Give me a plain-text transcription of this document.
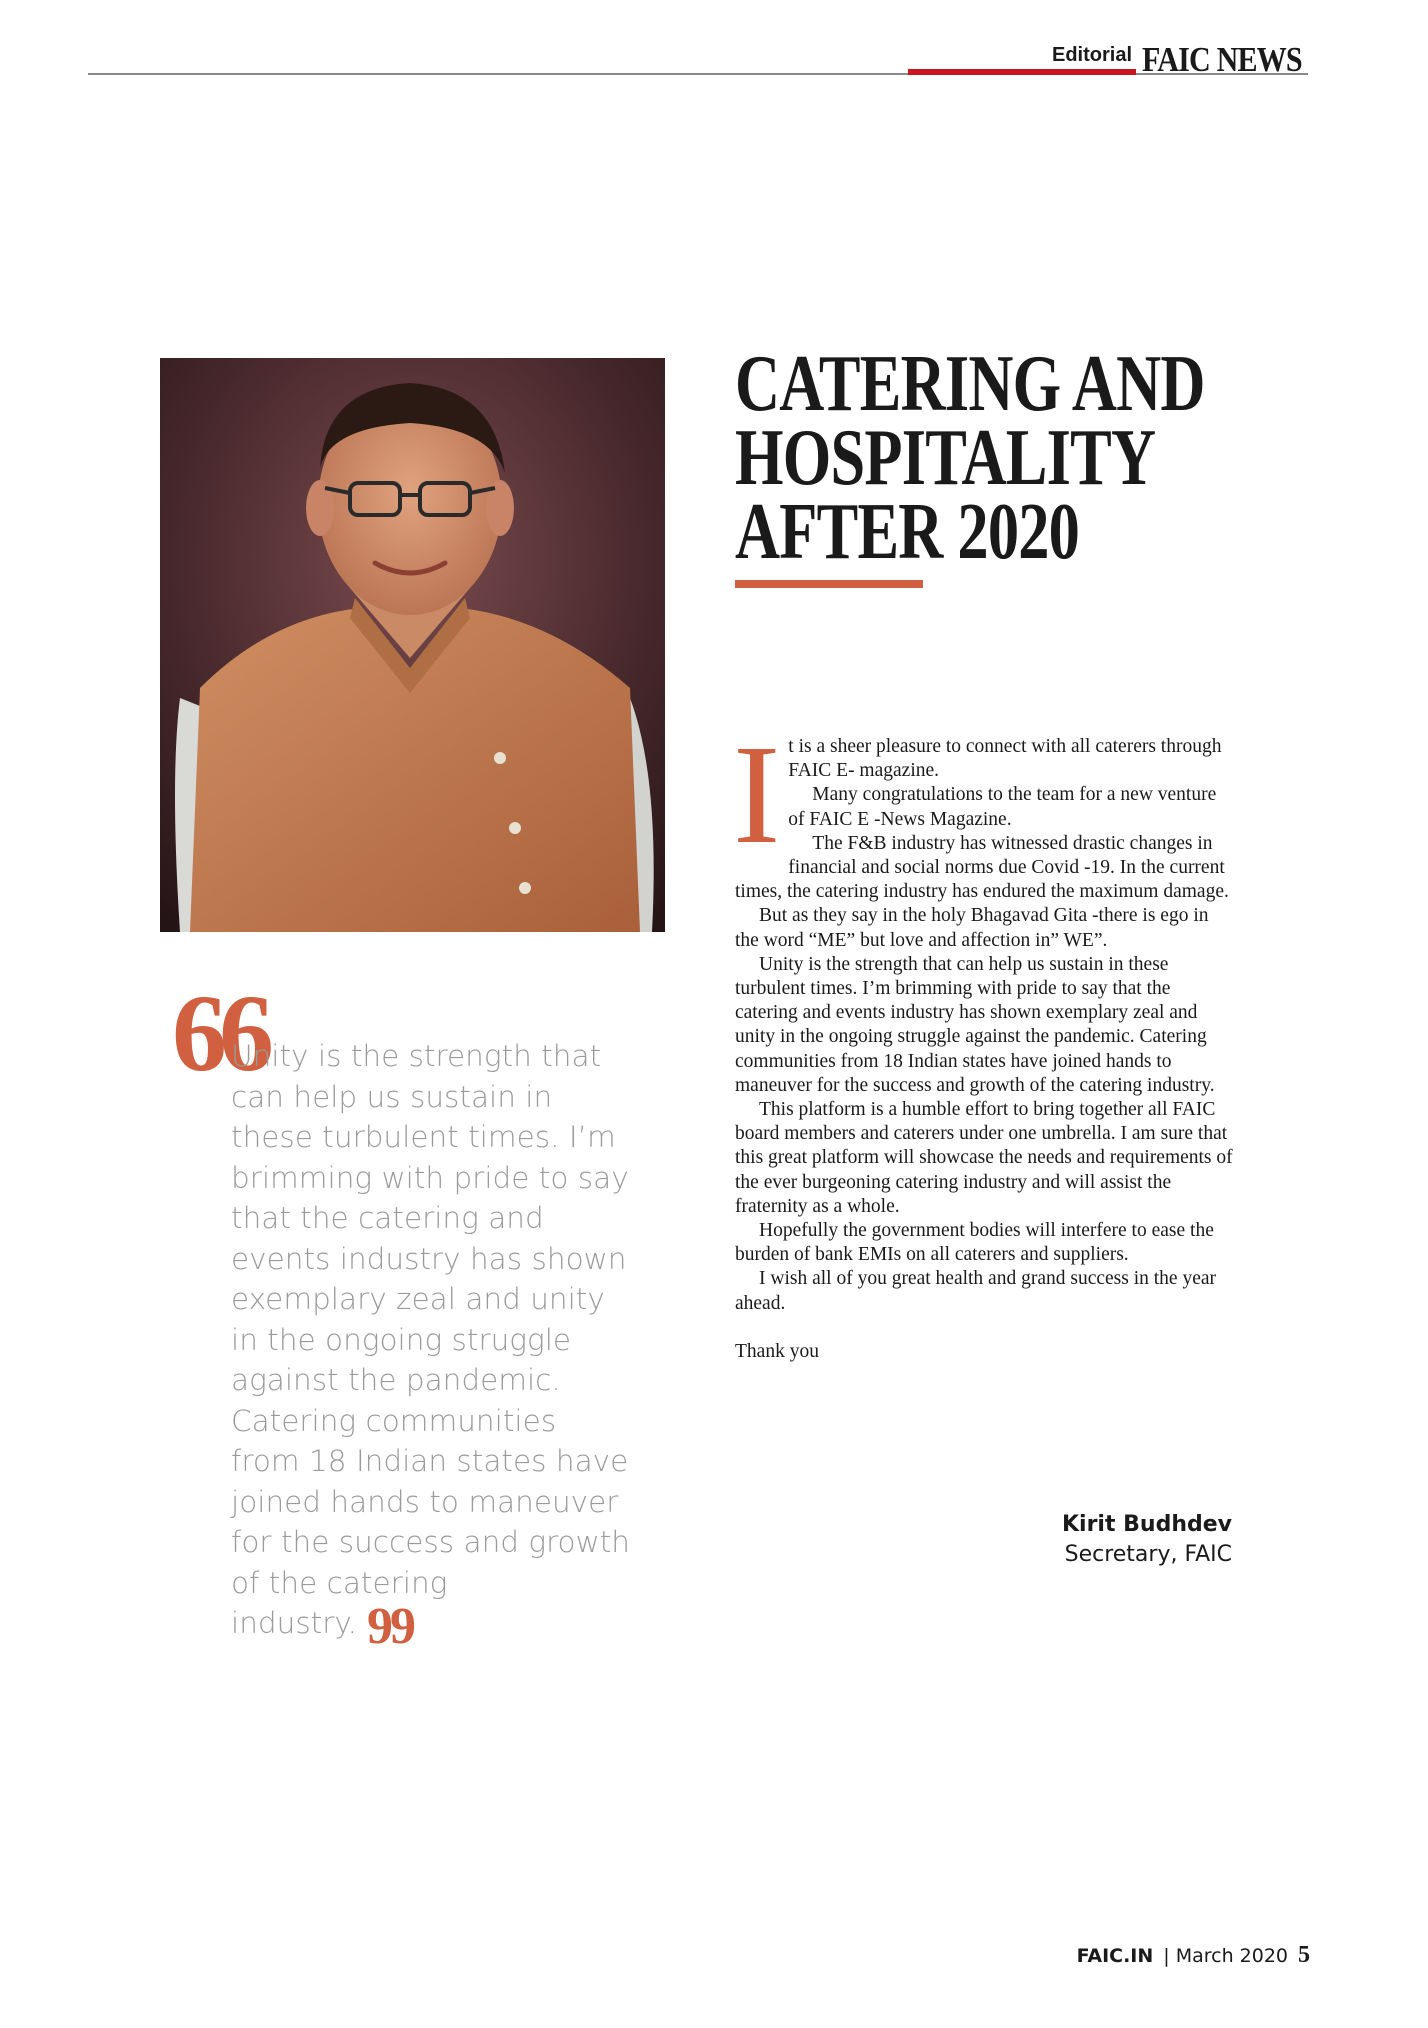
Editorial FAIC NEWS
66
Unity is the strength that can help us sustain in these turbulent times. I’m brimming with pride to say that the catering and events industry has shown exemplary zeal and unity in the ongoing struggle against the pandemic. Catering communities from 18 Indian states have joined hands to maneuver for the success and growth of the catering industry. 99
CATERING AND
HOSPITALITY
AFTER 2020
I t is a sheer pleasure to connect with all caterers through FAIC E- magazine.

Many congratulations to the team for a new venture of FAIC E -News Magazine.

The F&B industry has witnessed drastic changes in financial and social norms due Covid -19. In the current times, the catering industry has endured the maximum damage.

But as they say in the holy Bhagavad Gita -there is ego in the word “ME” but love and affection in” WE”.

Unity is the strength that can help us sustain in these turbulent times. I’m brimming with pride to say that the catering and events industry has shown exemplary zeal and unity in the ongoing struggle against the pandemic. Catering communities from 18 Indian states have joined hands to maneuver for the success and growth of the catering industry.

This platform is a humble effort to bring together all FAIC board members and caterers under one umbrella. I am sure that this great platform will showcase the needs and requirements of the ever burgeoning catering industry and will assist the fraternity as a whole.

Hopefully the government bodies will interfere to ease the burden of bank EMIs on all caterers and suppliers.

I wish all of you great health and grand success in the year ahead.

Thank you

Kirit Budhdev
Secretary, FAIC
FAIC.IN | March 2020 5
